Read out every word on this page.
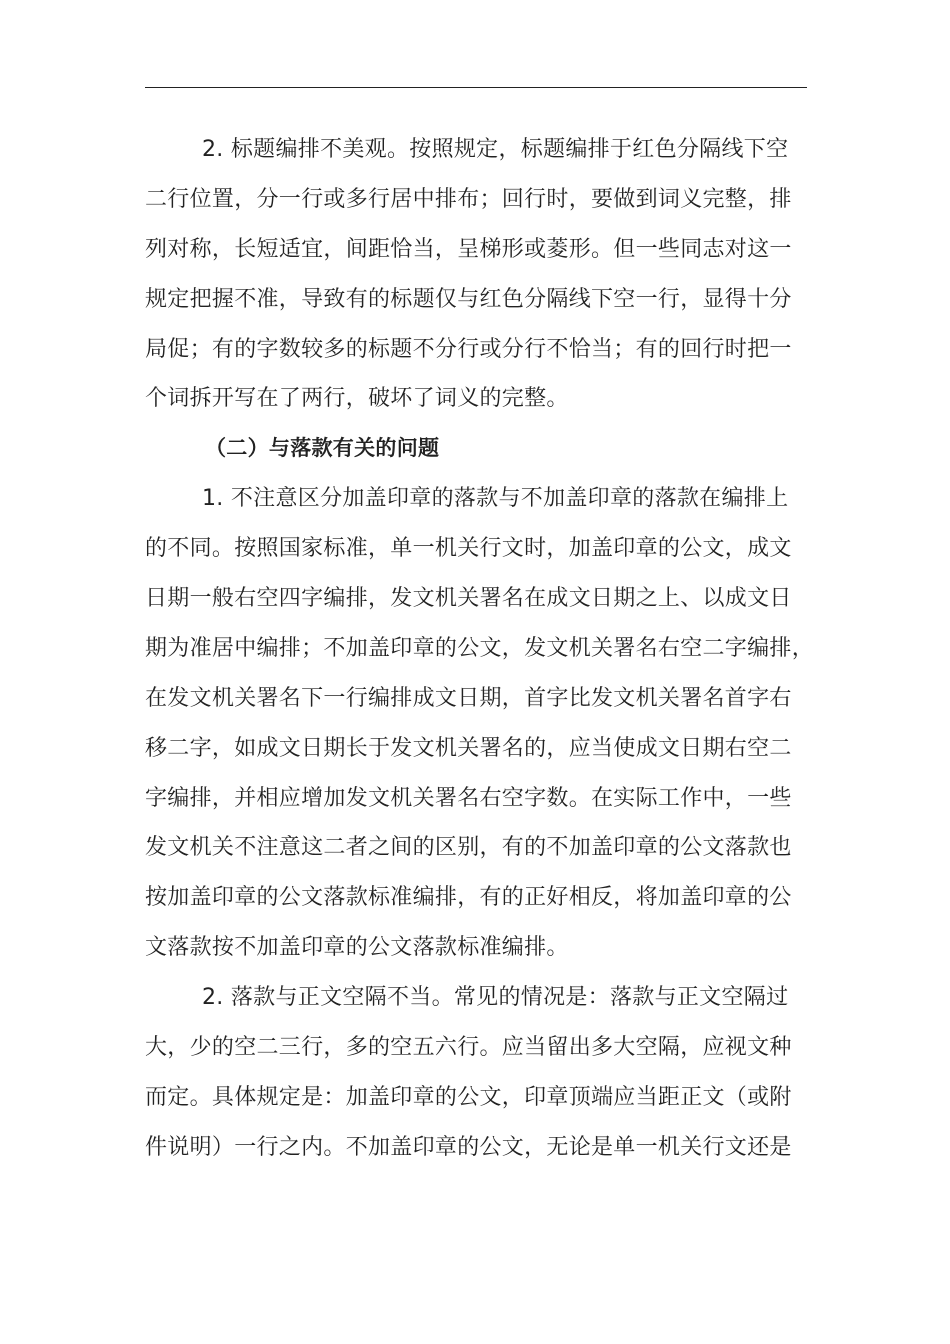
2. 标题编排不美观。按照规定，标题编排于红色分隔线下空
二行位置，分一行或多行居中排布；回行时，要做到词义完整，排
列对称，长短适宜，间距恰当，呈梯形或菱形。但一些同志对这一
规定把握不准，导致有的标题仅与红色分隔线下空一行，显得十分
局促；有的字数较多的标题不分行或分行不恰当；有的回行时把一
个词拆开写在了两行，破坏了词义的完整。
（二）与落款有关的问题
1. 不注意区分加盖印章的落款与不加盖印章的落款在编排上
的不同。按照国家标准，单一机关行文时，加盖印章的公文，成文
日期一般右空四字编排，发文机关署名在成文日期之上、以成文日
期为准居中编排；不加盖印章的公文，发文机关署名右空二字编排，
在发文机关署名下一行编排成文日期，首字比发文机关署名首字右
移二字，如成文日期长于发文机关署名的，应当使成文日期右空二
字编排，并相应增加发文机关署名右空字数。在实际工作中，一些
发文机关不注意这二者之间的区别，有的不加盖印章的公文落款也
按加盖印章的公文落款标准编排，有的正好相反，将加盖印章的公
文落款按不加盖印章的公文落款标准编排。
2. 落款与正文空隔不当。常见的情况是：落款与正文空隔过
大，少的空二三行，多的空五六行。应当留出多大空隔，应视文种
而定。具体规定是：加盖印章的公文，印章顶端应当距正文（或附
件说明）一行之内。不加盖印章的公文，无论是单一机关行文还是
